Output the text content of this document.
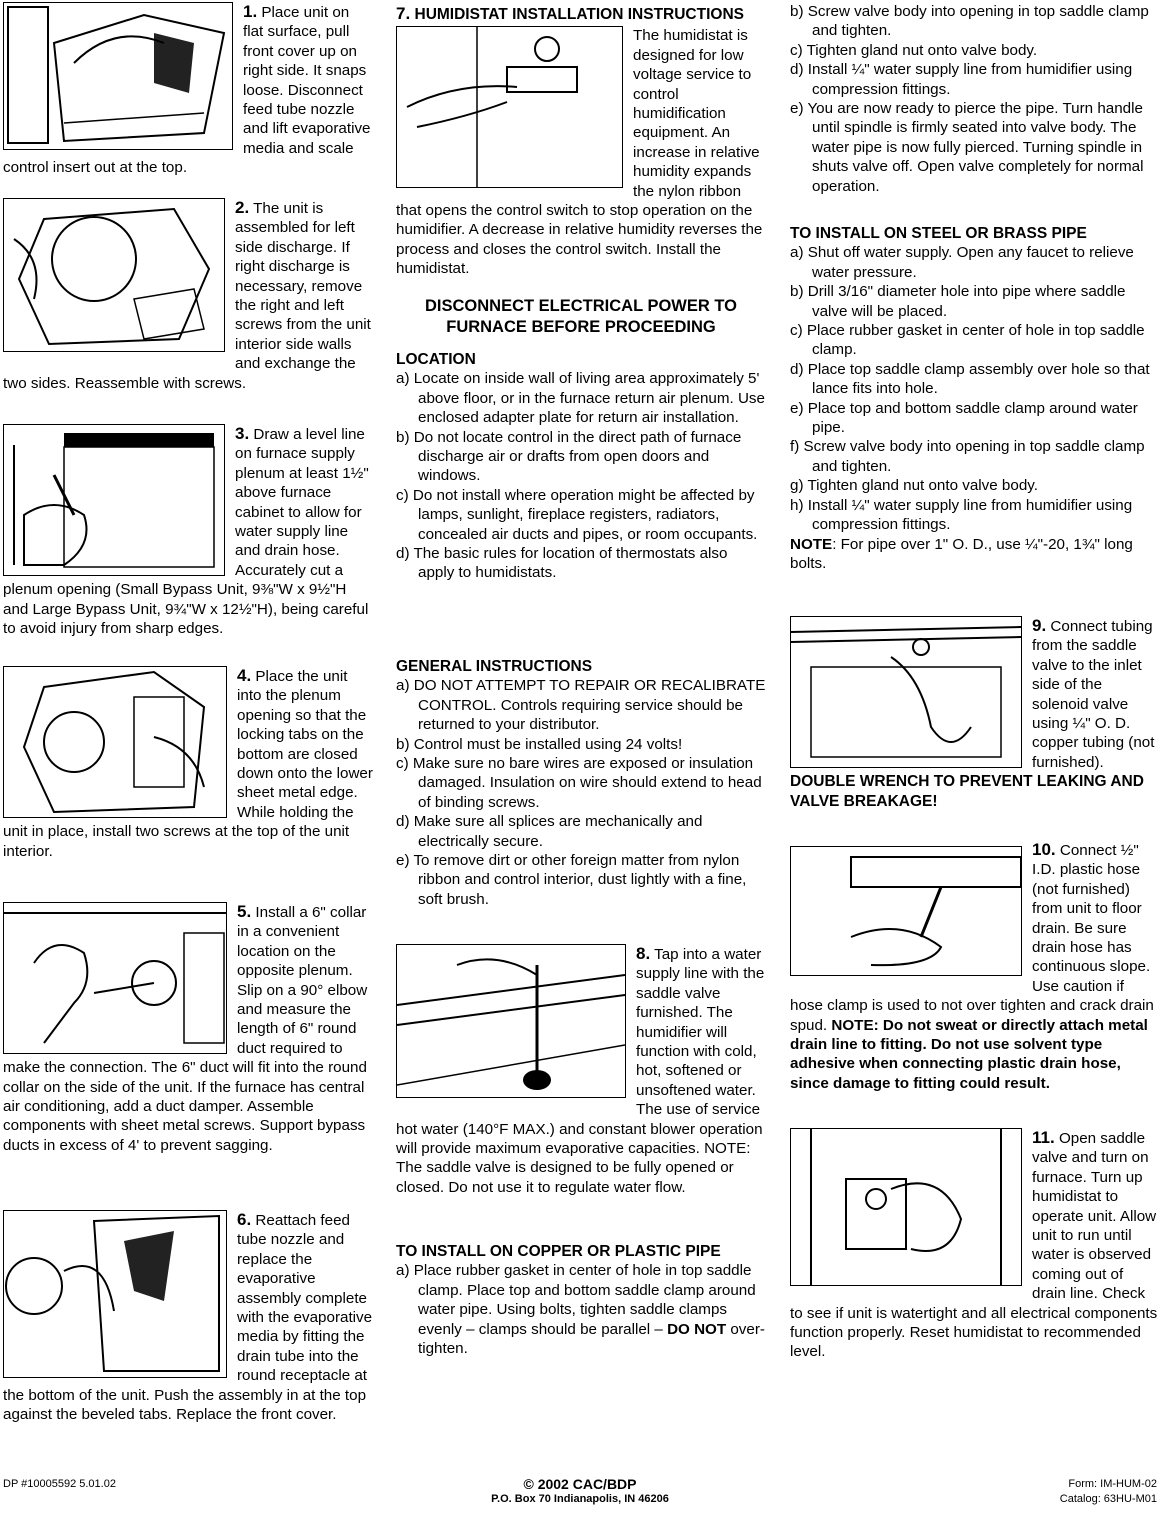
1. Place unit on flat surface, pull front cover up on right side. It snaps loose. Disconnect feed tube nozzle and lift evaporative media and scale control insert out at the top.

2. The unit is assembled for left side discharge. If right discharge is necessary, remove the right and left screws from the unit interior side walls and exchange the two sides. Reassemble with screws.

3. Draw a level line on furnace supply plenum at least 1½" above furnace cabinet to allow for water supply line and drain hose. Accurately cut a plenum opening (Small Bypass Unit, 9⅜"W x 9½"H and Large Bypass Unit, 9¾"W x 12½"H), being careful to avoid injury from sharp edges.

4. Place the unit into the plenum opening so that the locking tabs on the bottom are closed down onto the lower sheet metal edge. While holding the unit in place, install two screws at the top of the unit interior.

5. Install a 6" collar in a convenient location on the opposite plenum. Slip on a 90° elbow and measure the length of 6" round duct required to make the connection. The 6" duct will fit into the round collar on the side of the unit. If the furnace has central air conditioning, add a duct damper. Assemble components with sheet metal screws. Support bypass ducts in excess of 4' to prevent sagging.

6. Reattach feed tube nozzle and replace the evaporative assembly complete with the evaporative media by fitting the drain tube into the round receptacle at the bottom of the unit. Push the assembly in at the top against the beveled tabs. Replace the front cover.

7. HUMIDISTAT INSTALLATION INSTRUCTIONS

The humidistat is designed for low voltage service to control humidification equipment. An increase in relative humidity expands the nylon ribbon that opens the control switch to stop operation on the humidifier. A decrease in relative humidity reverses the process and closes the control switch. Install the humidistat.

DISCONNECT ELECTRICAL POWER TO FURNACE BEFORE PROCEEDING

LOCATION

a) Locate on inside wall of living area approximately 5' above floor, or in the furnace return air plenum. Use enclosed adapter plate for return air installation.
b) Do not locate control in the direct path of furnace discharge air or drafts from open doors and windows.
c) Do not install where operation might be affected by lamps, sunlight, fireplace registers, radiators, concealed air ducts and pipes, or room occupants.
d) The basic rules for location of thermostats also apply to humidistats.

GENERAL INSTRUCTIONS

a) DO NOT ATTEMPT TO REPAIR OR RECALIBRATE CONTROL. Controls requiring service should be returned to your distributor.
b) Control must be installed using 24 volts!
c) Make sure no bare wires are exposed or insulation damaged. Insulation on wire should extend to head of binding screws.
d) Make sure all splices are mechanically and electrically secure.
e) To remove dirt or other foreign matter from nylon ribbon and control interior, dust lightly with a fine, soft brush.

8. Tap into a water supply line with the saddle valve furnished. The humidifier will function with cold, hot, softened or unsoftened water. The use of service hot water (140°F MAX.) and constant blower operation will provide maximum evaporative capacities. NOTE: The saddle valve is designed to be fully opened or closed. Do not use it to regulate water flow.

TO INSTALL ON COPPER OR PLASTIC PIPE

a) Place rubber gasket in center of hole in top saddle clamp. Place top and bottom saddle clamp around water pipe. Using bolts, tighten saddle clamps evenly – clamps should be parallel – DO NOT over-tighten.
b) Screw valve body into opening in top saddle clamp and tighten.
c) Tighten gland nut onto valve body.
d) Install ¼" water supply line from humidifier using compression fittings.
e) You are now ready to pierce the pipe. Turn handle until spindle is firmly seated into valve body. The water pipe is now fully pierced. Turning spindle in shuts valve off. Open valve completely for normal operation.

TO INSTALL ON STEEL OR BRASS PIPE

a) Shut off water supply. Open any faucet to relieve water pressure.
b) Drill 3/16" diameter hole into pipe where saddle valve will be placed.
c) Place rubber gasket in center of hole in top saddle clamp.
d) Place top saddle clamp assembly over hole so that lance fits into hole.
e) Place top and bottom saddle clamp around water pipe.
f) Screw valve body into opening in top saddle clamp and tighten.
g) Tighten gland nut onto valve body.
h) Install ¼" water supply line from humidifier using compression fittings.

NOTE: For pipe over 1" O. D., use ¼"-20, 1¾" long bolts.

9. Connect tubing from the saddle valve to the inlet side of the solenoid valve using ¼" O. D. copper tubing (not furnished).

DOUBLE WRENCH TO PREVENT LEAKING AND VALVE BREAKAGE!

10. Connect ½" I.D. plastic hose (not furnished) from unit to floor drain. Be sure drain hose has continuous slope. Use caution if hose clamp is used to not over tighten and crack drain spud. NOTE: Do not sweat or directly attach metal drain line to fitting. Do not use solvent type adhesive when connecting plastic drain hose, since damage to fitting could result.

11. Open saddle valve and turn on furnace. Turn up humidistat to operate unit. Allow unit to run until water is observed coming out of drain line. Check to see if unit is watertight and all electrical components function properly. Reset humidistat to recommended level.

DP #10005592 5.01.02	© 2002 CAC/BDP
P.O. Box 70 Indianapolis, IN 46206
Form: IM-HUM-02
Catalog: 63HU-M01
